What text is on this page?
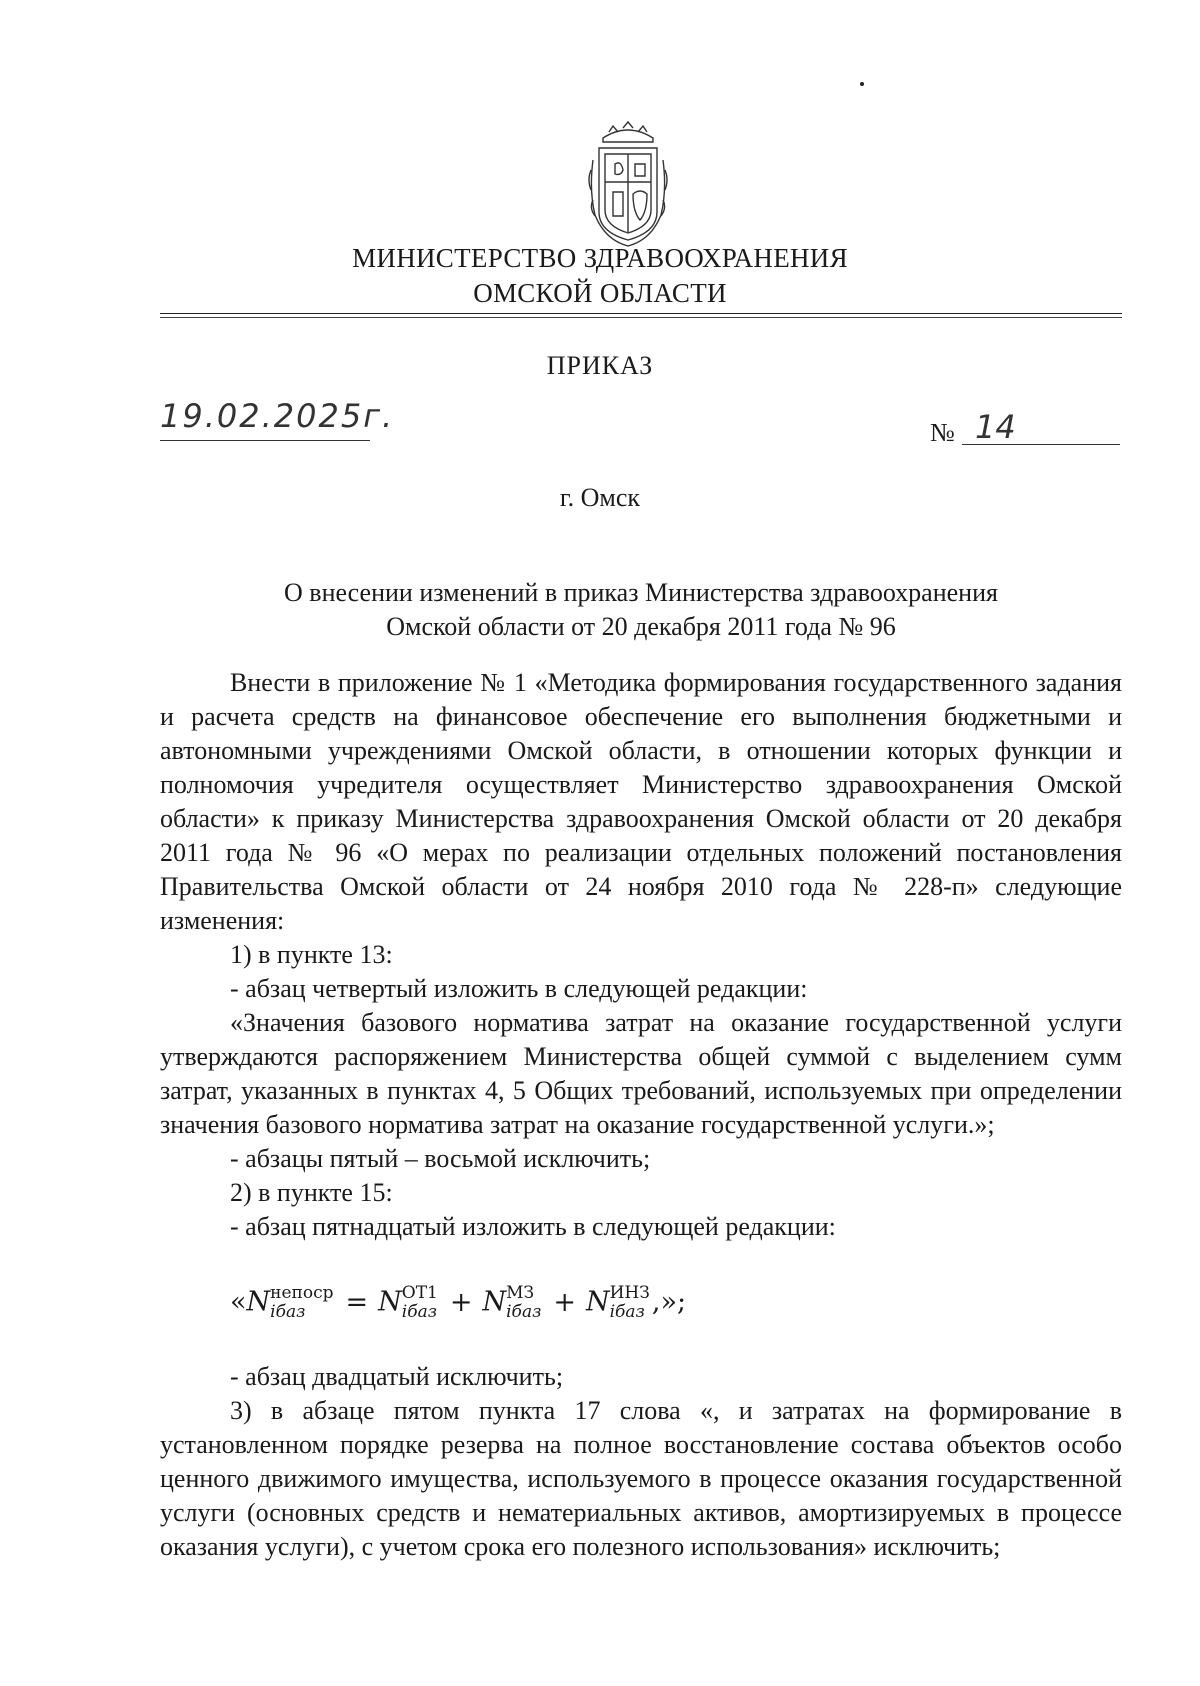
МИНИСТЕРСТВО ЗДРАВООХРАНЕНИЯ
ОМСКОЙ ОБЛАСТИ
ПРИКАЗ
19.02.2025г.	№ 14
г. Омск
О внесении изменений в приказ Министерства здравоохранения
Омской области от 20 декабря 2011 года № 96

Внести в приложение № 1 «Методика формирования государственного задания и расчета средств на финансовое обеспечение его выполнения бюджетными и автономными учреждениями Омской области, в отношении которых функции и полномочия учредителя осуществляет Министерство здравоохранения Омской области» к приказу Министерства здравоохранения Омской области от 20 декабря 2011 года № 96 «О мерах по реализации отдельных положений постановления Правительства Омской области от 24 ноября 2010 года № 228-п» следующие изменения:

1) в пункте 13:

- абзац четвертый изложить в следующей редакции:

«Значения базового норматива затрат на оказание государственной услуги утверждаются распоряжением Министерства общей суммой с выделением сумм затрат, указанных в пунктах 4, 5 Общих требований, используемых при определении значения базового норматива затрат на оказание государственной услуги.»;

- абзацы пятый – восьмой исключить;

2) в пункте 15:

- абзац пятнадцатый изложить в следующей редакции:

«N непоср
iбаз	= N ОТ1
iбаз + N МЗ
iбаз + N ИНЗ
iбаз ,»;

- абзац двадцатый исключить;

3) в абзаце пятом пункта 17 слова «, и затратах на формирование в установленном порядке резерва на полное восстановление состава объектов особо ценного движимого имущества, используемого в процессе оказания государственной услуги (основных средств и нематериальных активов, амортизируемых в процессе оказания услуги), с учетом срока его полезного использования» исключить;
